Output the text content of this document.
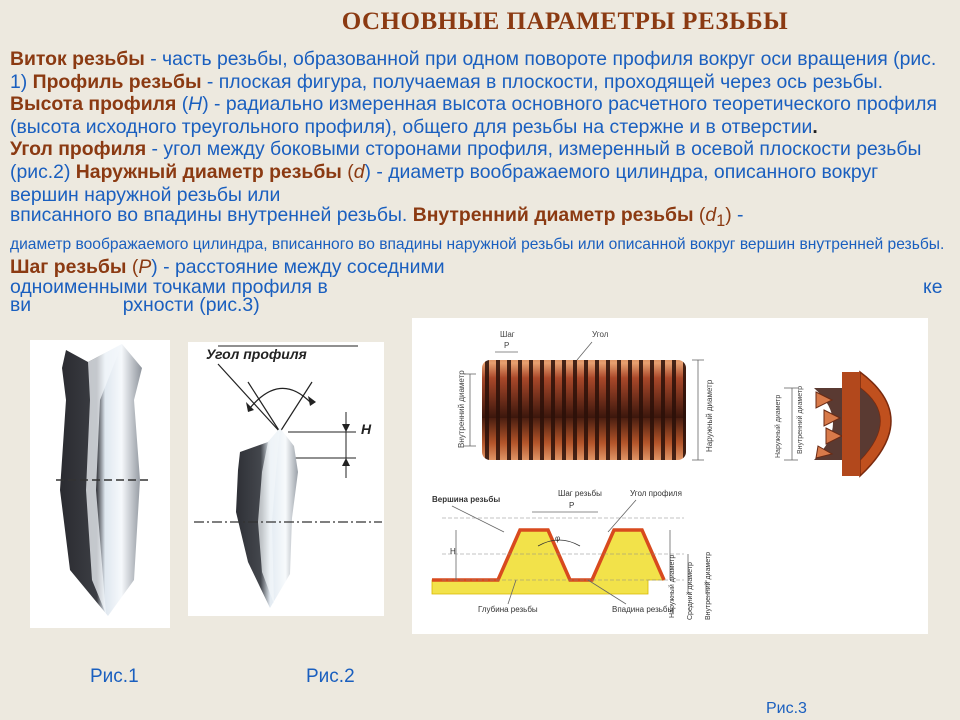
ОСНОВНЫЕ ПАРАМЕТРЫ РЕЗЬБЫ
Виток резьбы - часть резьбы, образованной при одном повороте профиля вокруг оси вращения (рис. 1) Профиль резьбы - плоская фигура, получаемая в плоскости, проходящей через ось резьбы. Высота профиля (H) - радиально измеренная высота основного расчетного теоретического профиля (высота исходного треугольного профиля), общего для резьбы на стержне и в отверстии.
Угол профиля - угол между боковыми сторонами профиля, измеренный в осевой плоскости резьбы (рис.2) Наружный диаметр резьбы (d) - диаметр воображаемого цилиндра, описанного вокруг вершин наружной резьбы или
вписанного во впадины внутренней резьбы. Внутренний диаметр резьбы $(d_1)$ -
диаметр воображаемого цилиндра, вписанного во впадины наружной резьбы или описанной вокруг вершин внутренней резьбы. Шаг резьбы (P) - расстояние между соседними
одноименными точками профиля в	ке
ви                 рхности (рис.3)
Угол профиля
H
Шаг
P
Угол
Внутренний диаметр	Наружный диаметр	Наружный диаметр Внутренний диаметр
Вершина резьбы
Шаг резьбы
P
Угол профиля
φ
H
Глубина резьбы	Впадина резьбы
Наружный диаметр Средний диаметр Внутренний диаметр
Рис.1	Рис.2
Рис.3
